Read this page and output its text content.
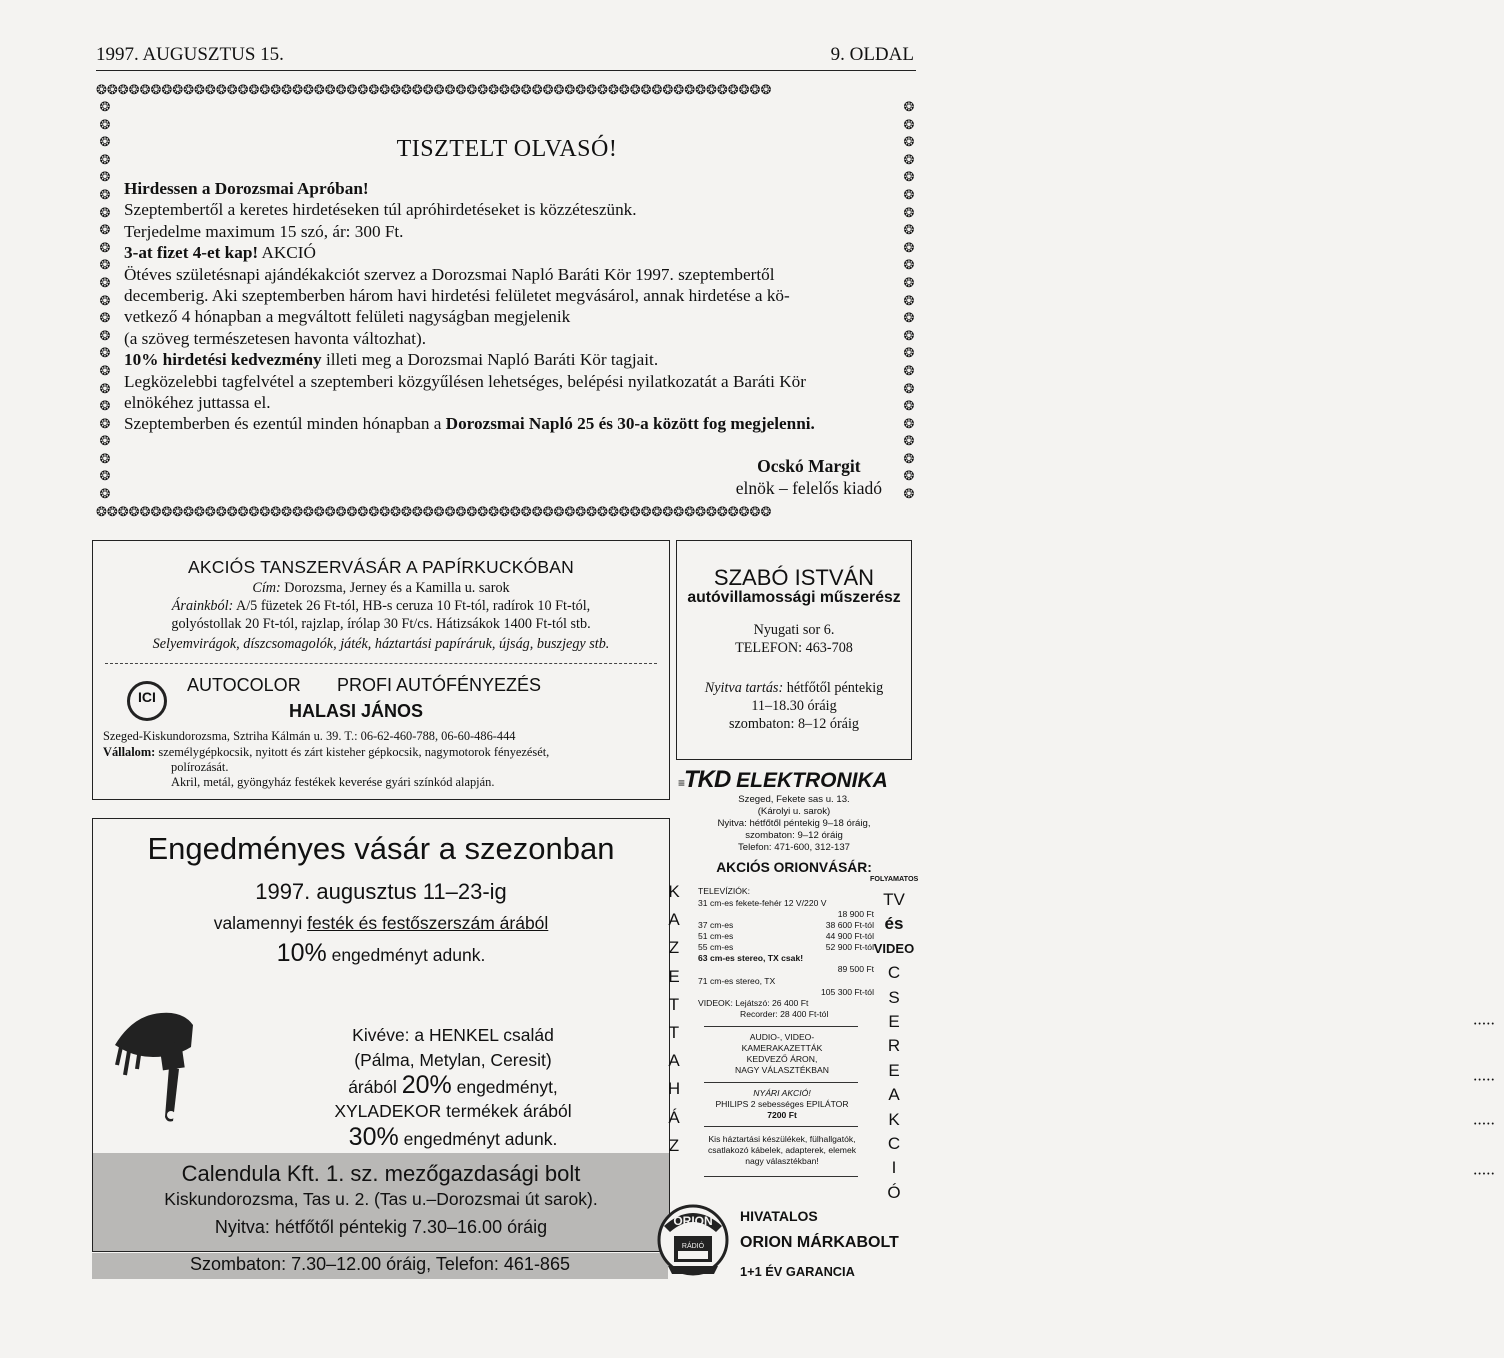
1997. AUGUSZTUS 15.	9. OLDAL
❂❂❂❂❂❂❂❂❂❂❂❂❂❂❂❂❂❂❂❂❂❂❂❂❂❂❂❂❂❂❂❂❂❂❂❂❂❂❂❂❂❂❂❂❂❂❂❂❂❂❂❂❂❂❂❂❂❂❂❂❂❂
❂❂❂❂❂❂❂❂❂❂❂❂❂❂❂❂❂❂❂❂❂❂❂❂❂❂❂❂❂❂❂❂❂❂❂❂❂❂❂❂❂❂❂❂❂❂❂❂❂❂❂❂❂❂❂❂❂❂❂❂❂❂
❂
❂
❂
❂
❂
❂
❂
❂
❂
❂
❂
❂
❂
❂
❂
❂
❂
❂
❂
❂
❂
❂
❂
❂
❂
❂
❂
❂
❂
❂
❂
❂
❂
❂
❂
❂
❂
❂
❂
❂
❂
❂
❂
❂
❂
❂
TISZTELT OLVASÓ!

Hirdessen a Dorozsmai Apróban!

Szeptembertől a keretes hirdetéseken túl apróhirdetéseket is közzéteszünk.

Terjedelme maximum 15 szó, ár: 300 Ft.

3-at fizet 4-et kap! AKCIÓ

Ötéves születésnapi ajándékakciót szervez a Dorozsmai Napló Baráti Kör 1997. szeptembertől

decemberig. Aki szeptemberben három havi hirdetési felületet megvásárol, annak hirdetése a kö-

vetkező 4 hónapban a megváltott felületi nagyságban megjelenik

(a szöveg természetesen havonta változhat).

10% hirdetési kedvezmény illeti meg a Dorozsmai Napló Baráti Kör tagjait.

Legközelebbi tagfelvétel a szeptemberi közgyűlésen lehetséges, belépési nyilatkozatát a Baráti Kör

elnökéhez juttassa el.

Szeptemberben és ezentúl minden hónapban a Dorozsmai Napló 25 és 30-a között fog megjelenni.

Ocskó Margit
elnök – felelős kiadó
AKCIÓS TANSZERVÁSÁR A PAPÍRKUCKÓBAN
Cím: Dorozsma, Jerney és a Kamilla u. sarok
Árainkból: A/5 füzetek 26 Ft-tól, HB-s ceruza 10 Ft-tól, radírok 10 Ft-tól,
golyóstollak 20 Ft-tól, rajzlap, írólap 30 Ft/cs. Hátizsákok 1400 Ft-tól stb.
Selyemvirágok, díszcsomagolók, játék, háztartási papíráruk, újság, buszjegy stb.
ICI
AUTOCOLOR PROFI AUTÓFÉNYEZÉS
HALASI JÁNOS
Szeged-Kiskundorozsma, Sztriha Kálmán u. 39. T.: 06-62-460-788, 06-60-486-444
Vállalom: személygépkocsik, nyitott és zárt kisteher gépkocsik, nagymotorok fényezését,
polírozását.
Akril, metál, gyöngyház festékek keverése gyári színkód alapján.
Engedményes vásár a szezonban
1997. augusztus 11–23-ig
valamennyi festék és festőszerszám árából
10% engedményt adunk.
Kivéve: a HENKEL család
(Pálma, Metylan, Ceresit)
árából 20% engedményt,
XYLADEKOR termékek árából
30% engedményt adunk.
Calendula Kft. 1. sz. mezőgazdasági bolt
Kiskundorozsma, Tas u. 2. (Tas u.–Dorozsmai út sarok).
Nyitva: hétfőtől péntekig 7.30–16.00 óráig
Szombaton: 7.30–12.00 óráig, Telefon: 461-865
SZABÓ ISTVÁN
autóvillamossági műszerész
Nyugati sor 6.
TELEFON: 463-708
Nyitva tartás: hétfőtől péntekig
11–18.30 óráig
szombaton: 8–12 óráig
≡TKD ELEKTRONIKA
Szeged, Fekete sas u. 13.
(Károlyi u. sarok)
Nyitva: hétfőtől péntekig 9–18 óráig,
szombaton: 9–12 óráig
Telefon: 471-600, 312-137
AKCIÓS ORIONVÁSÁR:
K
A
Z
E
T
T
A
H
Á
Z
FOLYAMATOS
TV
és
VIDEO
C
S
E
R
E
A
K
C
I
Ó
TELEVÍZIÓK:
31 cm-es fekete-fehér 12 V/220 V
18 900 Ft
37 cm-es	38 600 Ft-tól
51 cm-es	44 900 Ft-tól
55 cm-es	52 900 Ft-tól
63 cm-es stereo, TX csak!
89 500 Ft
71 cm-es stereo, TX
105 300 Ft-tól
VIDEOK: Lejátszó: 26 400 Ft
Recorder: 28 400 Ft-tól
• • • • •
AUDIO-, VIDEO-
KAMERAKAZETTÁK
KEDVEZŐ ÁRON,
NAGY VÁLASZTÉKBAN
• • • • •
NYÁRI AKCIÓ!
PHILIPS 2 sebességes EPILÁTOR
7200 Ft
• • • • •
Kis háztartási készülékek, fülhallgatók,
csatlakozó kábelek, adapterek, elemek
nagy választékban!
• • • • •
ORION
RÁDIÓ
HIVATALOS
ORION MÁRKABOLT
1+1 ÉV GARANCIA
